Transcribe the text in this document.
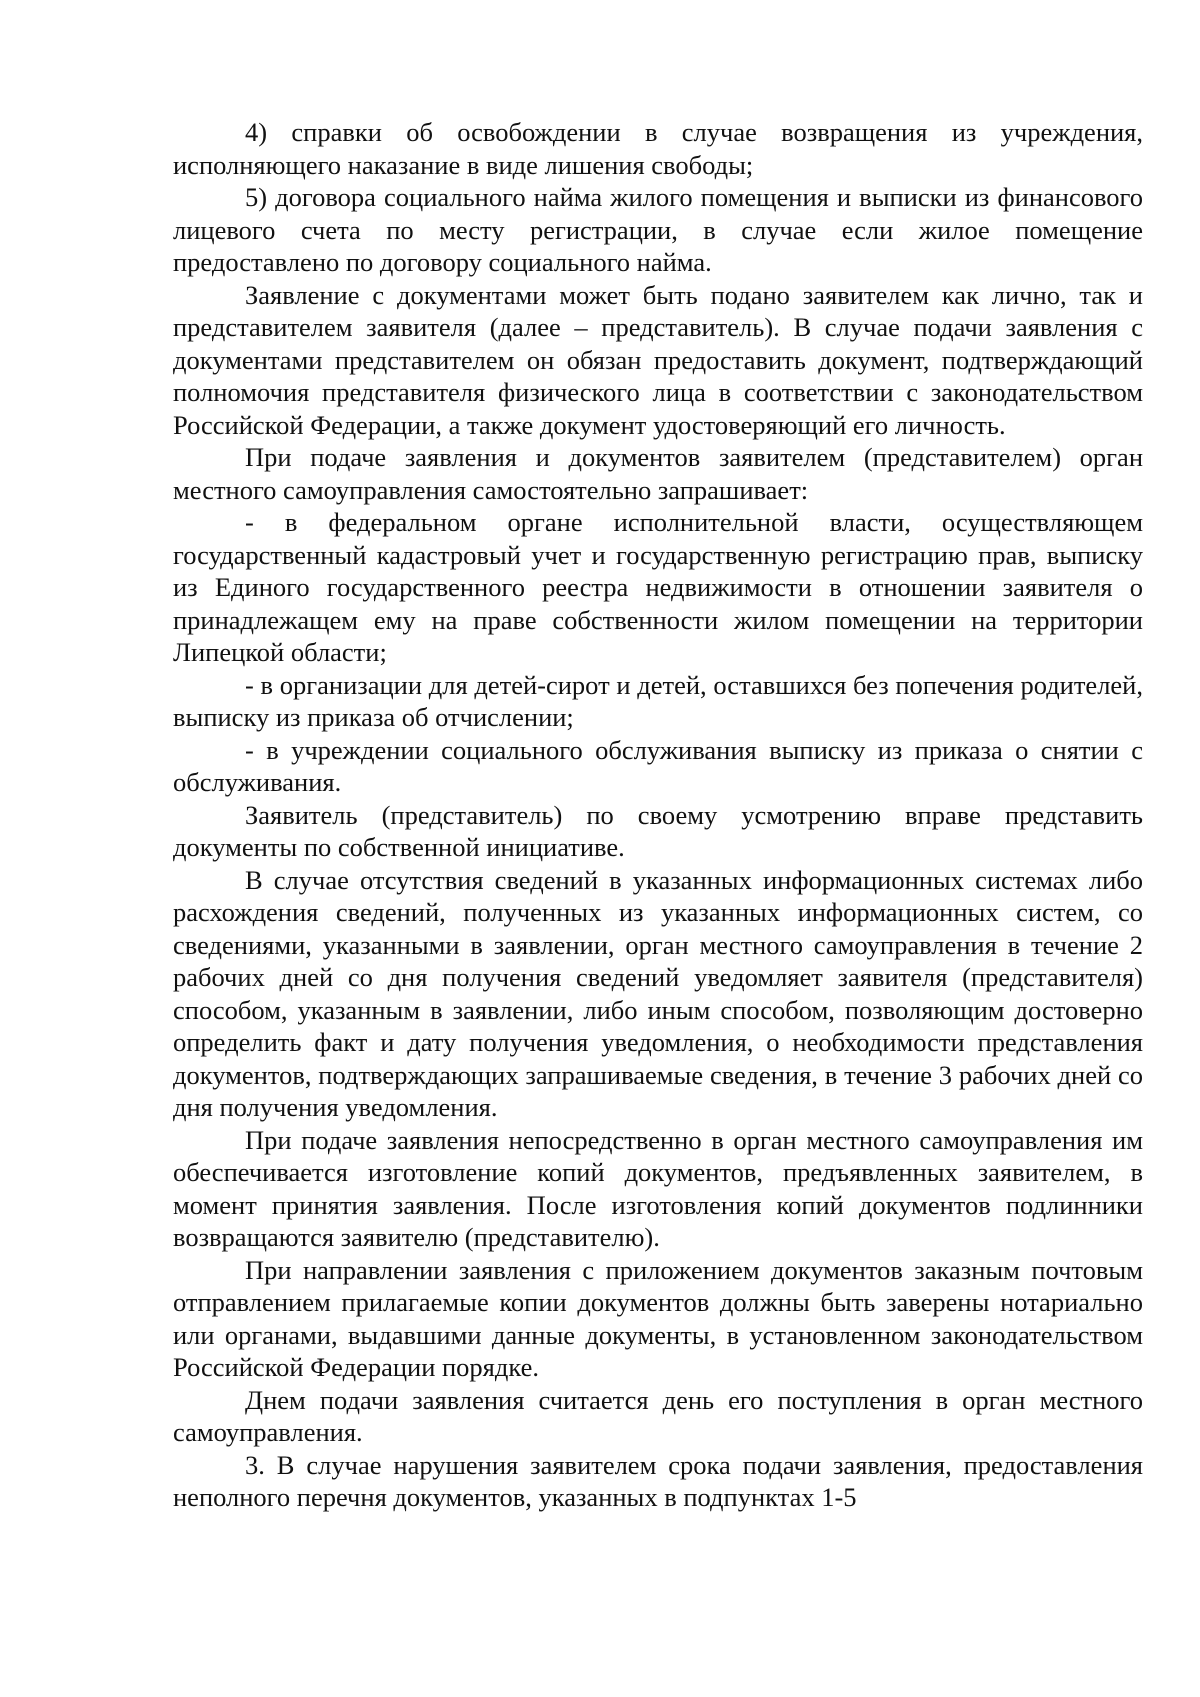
4) справки об освобождении в случае возвращения из учреждения, исполняющего наказание в виде лишения свободы;

5) договора социального найма жилого помещения и выписки из финансового лицевого счета по месту регистрации, в случае если жилое помещение предоставлено по договору социального найма.

Заявление с документами может быть подано заявителем как лично, так и представителем заявителя (далее – представитель). В случае подачи заявления с документами представителем он обязан предоставить документ, подтверждающий полномочия представителя физического лица в соответствии с законодательством Российской Федерации, а также документ удостоверяющий его личность.

При подаче заявления и документов заявителем (представителем) орган местного самоуправления самостоятельно запрашивает:

- в федеральном органе исполнительной власти, осуществляющем государственный кадастровый учет и государственную регистрацию прав, выписку из Единого государственного реестра недвижимости в отношении заявителя о принадлежащем ему на праве собственности жилом помещении на территории Липецкой области;

- в организации для детей-сирот и детей, оставшихся без попечения родителей, выписку из приказа об отчислении;

- в учреждении социального обслуживания выписку из приказа о снятии с обслуживания.

Заявитель (представитель) по своему усмотрению вправе представить документы по собственной инициативе.

В случае отсутствия сведений в указанных информационных системах либо расхождения сведений, полученных из указанных информационных систем, со сведениями, указанными в заявлении, орган местного самоуправления в течение 2 рабочих дней со дня получения сведений уведомляет заявителя (представителя) способом, указанным в заявлении, либо иным способом, позволяющим достоверно определить факт и дату получения уведомления, о необходимости представления документов, подтверждающих запрашиваемые сведения, в течение 3 рабочих дней со дня получения уведомления.

При подаче заявления непосредственно в орган местного самоуправления им обеспечивается изготовление копий документов, предъявленных заявителем, в момент принятия заявления. После изготовления копий документов подлинники возвращаются заявителю (представителю).

При направлении заявления с приложением документов заказным почтовым отправлением прилагаемые копии документов должны быть заверены нотариально или органами, выдавшими данные документы, в установленном законодательством Российской Федерации порядке.

Днем подачи заявления считается день его поступления в орган местного самоуправления.

3. В случае нарушения заявителем срока подачи заявления, предоставления неполного перечня документов, указанных в подпунктах 1-5
